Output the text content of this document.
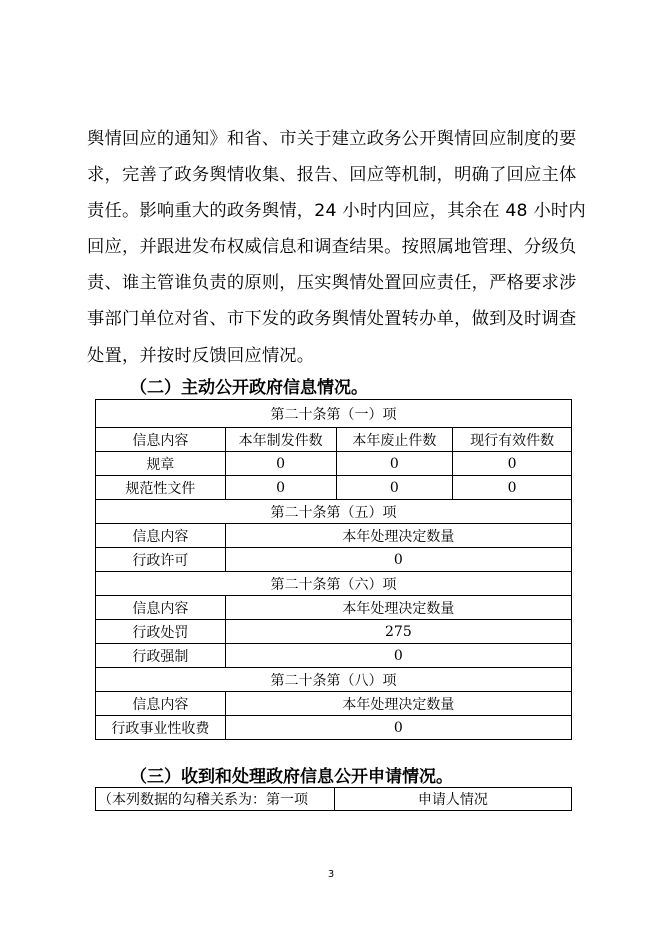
舆情回应的通知》和省、市关于建立政务公开舆情回应制度的要
求，完善了政务舆情收集、报告、回应等机制，明确了回应主体
责任。影响重大的政务舆情，24 小时内回应，其余在 48 小时内
回应，并跟进发布权威信息和调查结果。按照属地管理、分级负
责、谁主管谁负责的原则，压实舆情处置回应责任，严格要求涉
事部门单位对省、市下发的政务舆情处置转办单，做到及时调查
处置，并按时反馈回应情况。
（二）主动公开政府信息情况。
第二十条第（一）项			
信息内容	本年制发件数	本年废止件数	现行有效件数
规章	0	0	0
规范性文件	0	0	0
第二十条第（五）项			
信息内容	本年处理决定数量		
行政许可	0		
第二十条第（六）项			
信息内容	本年处理决定数量		
行政处罚	275		
行政强制	0		
第二十条第（八）项			
信息内容	本年处理决定数量		
行政事业性收费	0		
（三）收到和处理政府信息公开申请情况。
（本列数据的勾稽关系为：第一项	申请人情况
3
